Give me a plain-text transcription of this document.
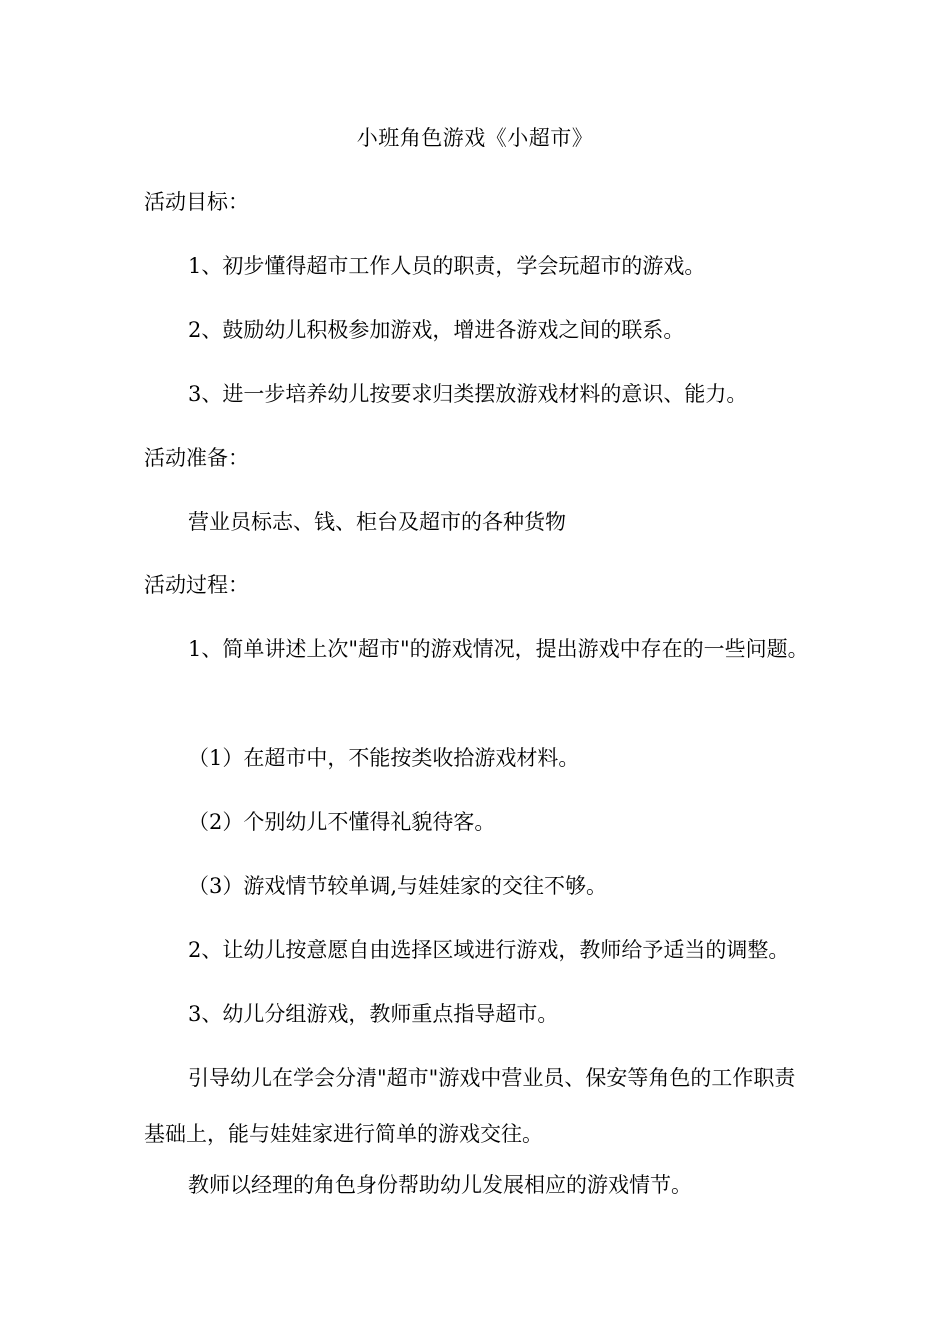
小班角色游戏《小超市》
活动目标：
1、初步懂得超市工作人员的职责，学会玩超市的游戏。
2、鼓励幼儿积极参加游戏，增进各游戏之间的联系。
3、进一步培养幼儿按要求归类摆放游戏材料的意识、能力。
活动准备：
营业员标志、钱、柜台及超市的各种货物
活动过程：
1、简单讲述上次"超市"的游戏情况，提出游戏中存在的一些问题。
（1）在超市中，不能按类收拾游戏材料。
（2）个别幼儿不懂得礼貌待客。
（3）游戏情节较单调,与娃娃家的交往不够。
2、让幼儿按意愿自由选择区域进行游戏，教师给予适当的调整。
3、幼儿分组游戏，教师重点指导超市。
引导幼儿在学会分清"超市"游戏中营业员、保安等角色的工作职责基础上，能与娃娃家进行简单的游戏交往。
教师以经理的角色身份帮助幼儿发展相应的游戏情节。
